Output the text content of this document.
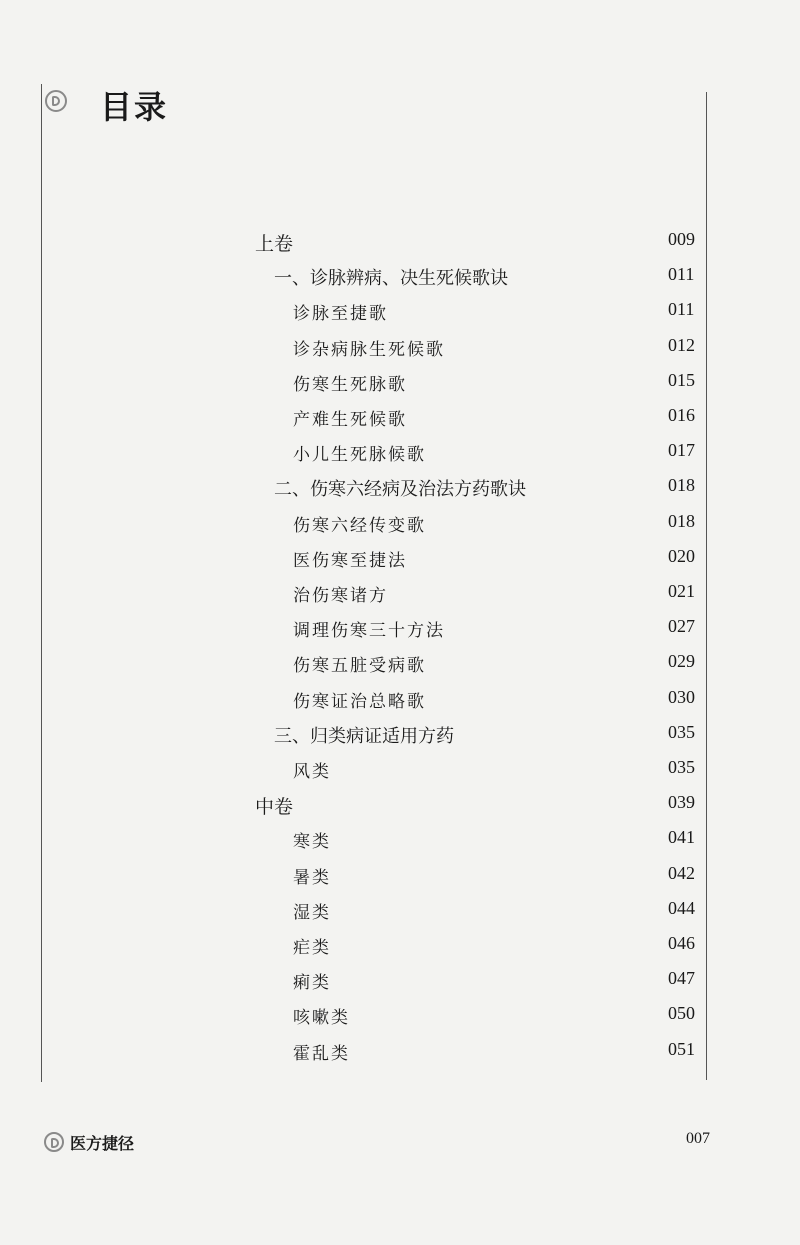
目录
上卷	009
一、诊脉辨病、决生死候歌诀	011
诊脉至捷歌	011
诊杂病脉生死候歌	012
伤寒生死脉歌	015
产难生死候歌	016
小儿生死脉候歌	017
二、伤寒六经病及治法方药歌诀	018
伤寒六经传变歌	018
医伤寒至捷法	020
治伤寒诸方	021
调理伤寒三十方法	027
伤寒五脏受病歌	029
伤寒证治总略歌	030
三、归类病证适用方药	035
风类	035
中卷	039
寒类	041
暑类	042
湿类	044
疟类	046
痢类	047
咳嗽类	050
霍乱类	051
医方捷径	007
